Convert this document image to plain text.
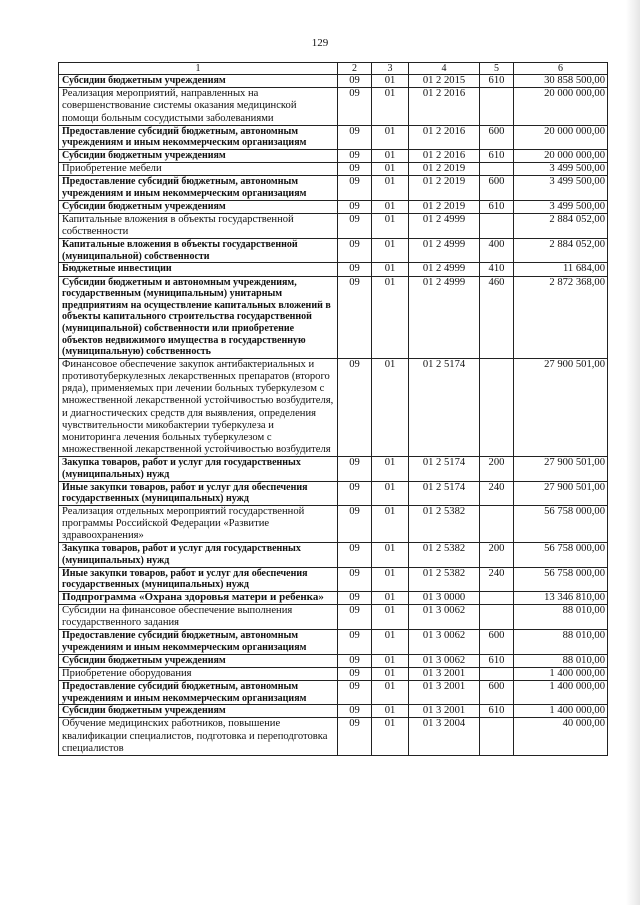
129
1	2	3	4	5	6
Субсидии бюджетным учреждениям	09	01	01 2 2015	610	30 858 500,00
Реализация мероприятий, направленных на совершенствование системы оказания медицинской помощи больным сосудистыми заболеваниями	09	01	01 2 2016		20 000 000,00
Предоставление субсидий бюджетным, автономным учреждениям и иным некоммерческим организациям	09	01	01 2 2016	600	20 000 000,00
Субсидии бюджетным учреждениям	09	01	01 2 2016	610	20 000 000,00
Приобретение мебели	09	01	01 2 2019		3 499 500,00
Предоставление субсидий бюджетным, автономным учреждениям и иным некоммерческим организациям	09	01	01 2 2019	600	3 499 500,00
Субсидии бюджетным учреждениям	09	01	01 2 2019	610	3 499 500,00
Капитальные вложения в объекты государственной собственности	09	01	01 2 4999		2 884 052,00
Капитальные вложения в объекты государственной (муниципальной) собственности	09	01	01 2 4999	400	2 884 052,00
Бюджетные инвестиции	09	01	01 2 4999	410	11 684,00
Субсидии бюджетным и автономным учреждениям, государственным (муниципальным) унитарным предприятиям на осуществление капитальных вложений в объекты капитального строительства государственной (муниципальной) собственности или приобретение объектов недвижимого имущества в государственную (муниципальную) собственность	09	01	01 2 4999	460	2 872 368,00
Финансовое обеспечение закупок антибактериальных и противотуберкулезных лекарственных препаратов (второго ряда), применяемых при лечении больных туберкулезом с множественной лекарственной устойчивостью возбудителя, и диагностических средств для выявления, определения чувствительности микобактерии туберкулеза и мониторинга лечения больных туберкулезом с множественной лекарственной устойчивостью возбудителя	09	01	01 2 5174		27 900 501,00
Закупка товаров, работ и услуг для государственных (муниципальных) нужд	09	01	01 2 5174	200	27 900 501,00
Иные закупки товаров, работ и услуг для обеспечения государственных (муниципальных) нужд	09	01	01 2 5174	240	27 900 501,00
Реализация отдельных мероприятий государственной программы Российской Федерации «Развитие здравоохранения»	09	01	01 2 5382		56 758 000,00
Закупка товаров, работ и услуг для государственных (муниципальных) нужд	09	01	01 2 5382	200	56 758 000,00
Иные закупки товаров, работ и услуг для обеспечения государственных (муниципальных) нужд	09	01	01 2 5382	240	56 758 000,00
Подпрограмма «Охрана здоровья матери и ребенка»	09	01	01 3 0000		13 346 810,00
Субсидии на финансовое обеспечение выполнения государственного задания	09	01	01 3 0062		88 010,00
Предоставление субсидий бюджетным, автономным учреждениям и иным некоммерческим организациям	09	01	01 3 0062	600	88 010,00
Субсидии бюджетным учреждениям	09	01	01 3 0062	610	88 010,00
Приобретение оборудования	09	01	01 3 2001		1 400 000,00
Предоставление субсидий бюджетным, автономным учреждениям и иным некоммерческим организациям	09	01	01 3 2001	600	1 400 000,00
Субсидии бюджетным учреждениям	09	01	01 3 2001	610	1 400 000,00
Обучение медицинских работников, повышение квалификации специалистов, подготовка и переподготовка специалистов	09	01	01 3 2004		40 000,00
